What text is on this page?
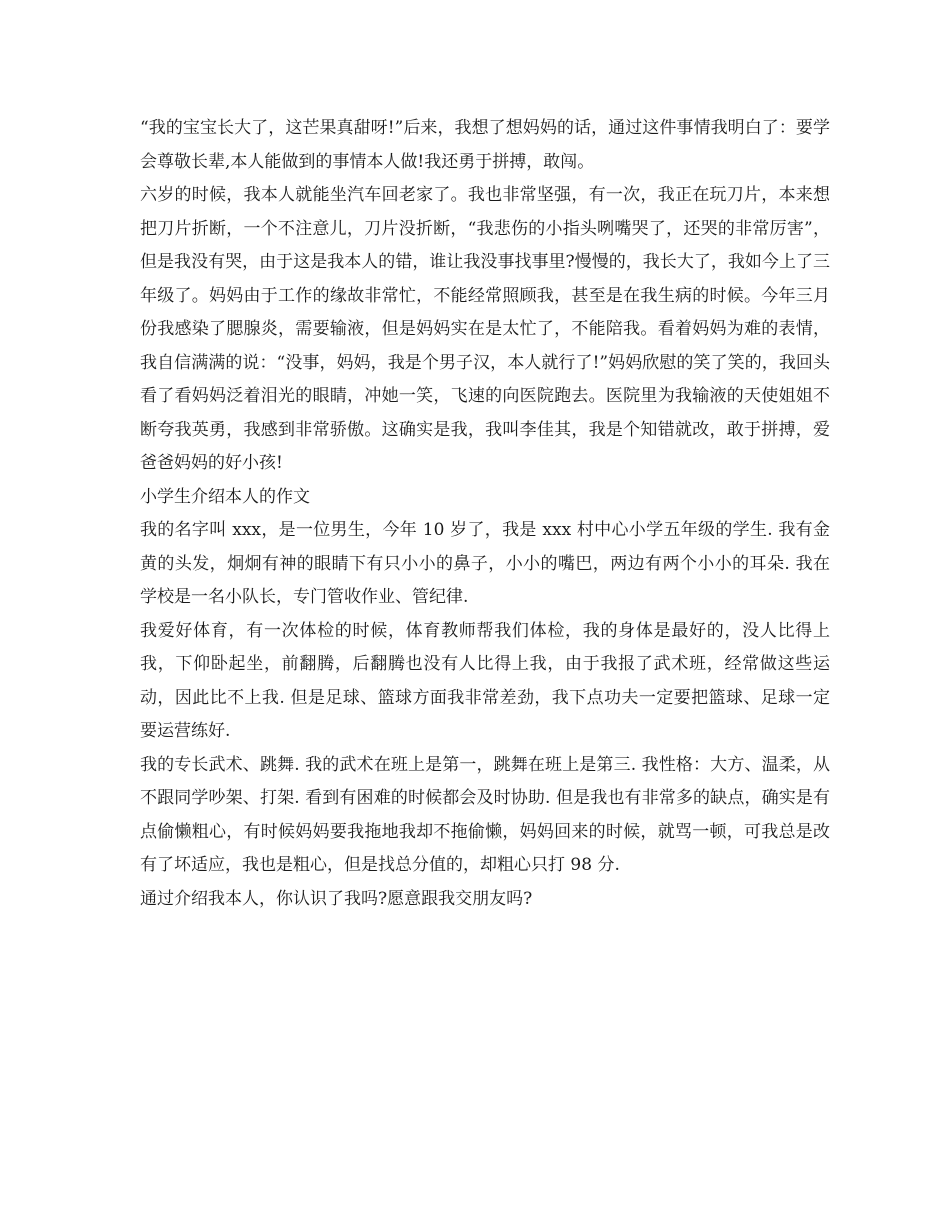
“我的宝宝长大了，这芒果真甜呀!”后来，我想了想妈妈的话，通过这件事情我明白了：要学会尊敬长辈,本人能做到的事情本人做!我还勇于拼搏，敢闯。

六岁的时候，我本人就能坐汽车回老家了。我也非常坚强，有一次，我正在玩刀片，本来想把刀片折断，一个不注意儿，刀片没折断，“我悲伤的小指头咧嘴哭了，还哭的非常厉害”，但是我没有哭，由于这是我本人的错，谁让我没事找事里?慢慢的，我长大了，我如今上了三年级了。妈妈由于工作的缘故非常忙，不能经常照顾我，甚至是在我生病的时候。今年三月份我感染了腮腺炎，需要输液，但是妈妈实在是太忙了，不能陪我。看着妈妈为难的表情，我自信满满的说：“没事，妈妈，我是个男子汉，本人就行了!”妈妈欣慰的笑了笑的，我回头看了看妈妈泛着泪光的眼睛，冲她一笑，飞速的向医院跑去。医院里为我输液的天使姐姐不断夸我英勇，我感到非常骄傲。这确实是我，我叫李佳其，我是个知错就改，敢于拼搏，爱爸爸妈妈的好小孩!

小学生介绍本人的作文

我的名字叫 xxx，是一位男生，今年 10 岁了，我是 xxx 村中心小学五年级的学生. 我有金黄的头发，炯炯有神的眼睛下有只小小的鼻子，小小的嘴巴，两边有两个小小的耳朵. 我在学校是一名小队长，专门管收作业、管纪律.

我爱好体育，有一次体检的时候，体育教师帮我们体检，我的身体是最好的，没人比得上我，下仰卧起坐，前翻腾，后翻腾也没有人比得上我，由于我报了武术班，经常做这些运动，因此比不上我. 但是足球、篮球方面我非常差劲，我下点功夫一定要把篮球、足球一定要运营练好.

我的专长武术、跳舞. 我的武术在班上是第一，跳舞在班上是第三. 我性格：大方、温柔，从不跟同学吵架、打架. 看到有困难的时候都会及时协助. 但是我也有非常多的缺点，确实是有点偷懒粗心，有时候妈妈要我拖地我却不拖偷懒，妈妈回来的时候，就骂一顿，可我总是改有了坏适应，我也是粗心，但是找总分值的，却粗心只打 98 分.

通过介绍我本人，你认识了我吗?愿意跟我交朋友吗?
